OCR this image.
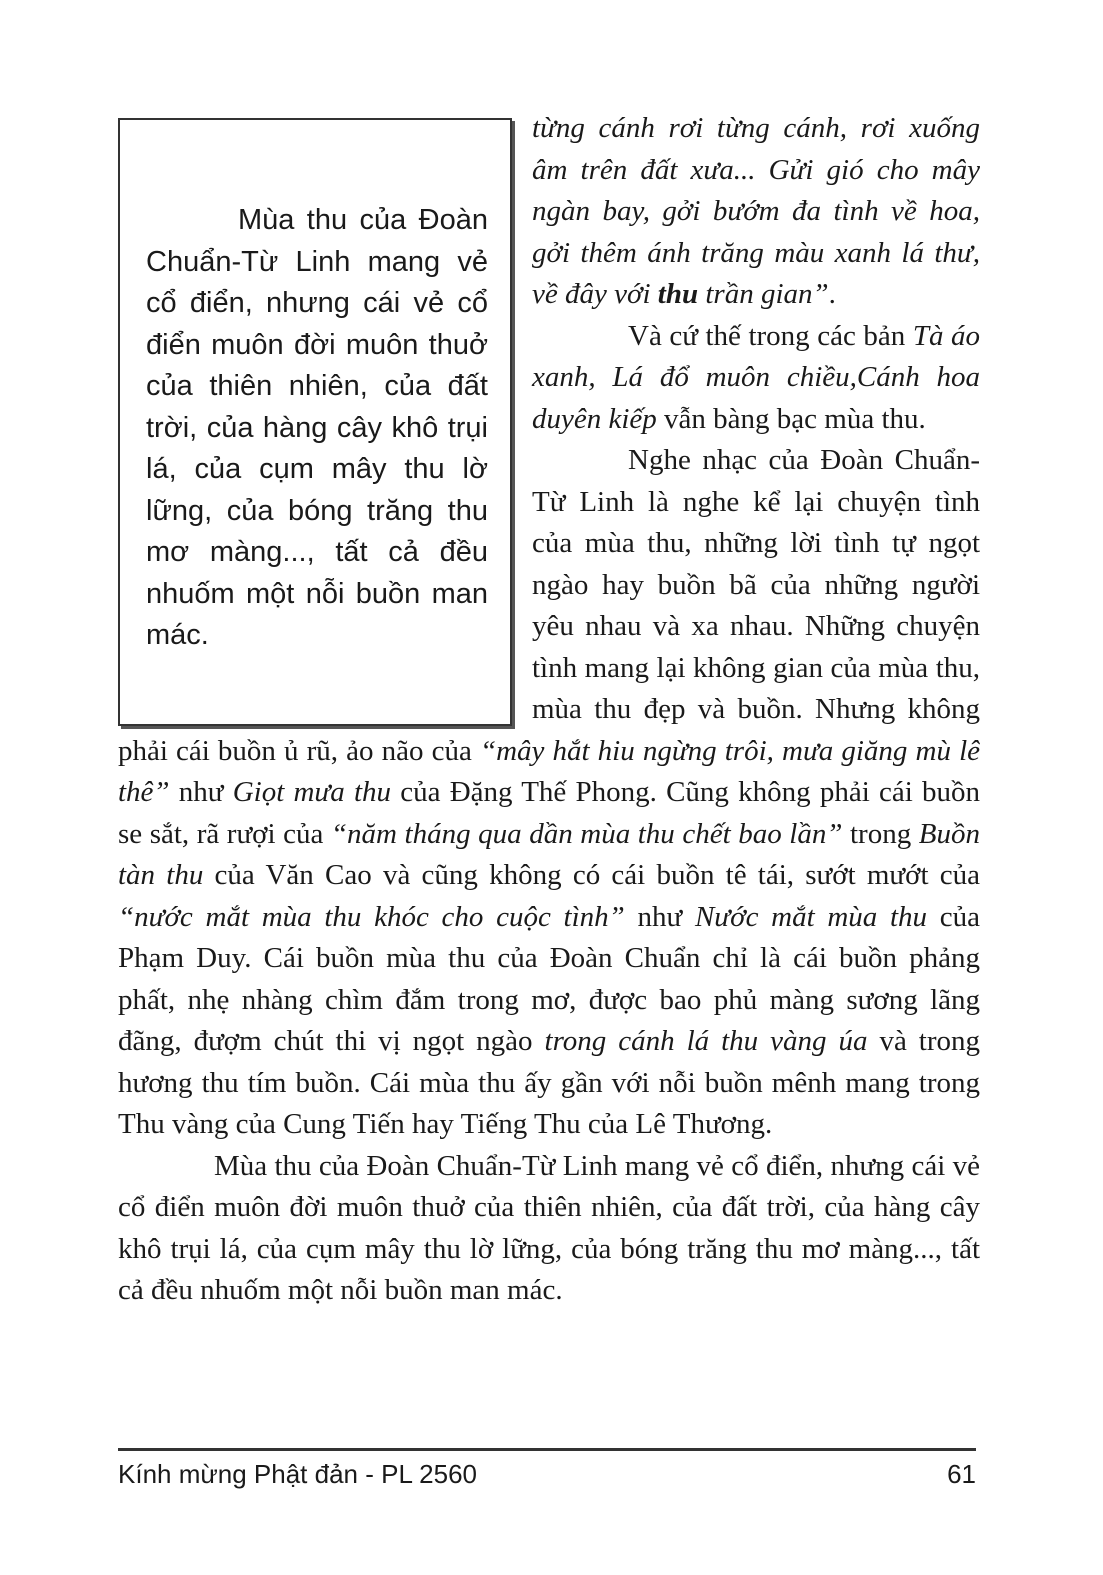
Mùa thu của Đoàn Chuẩn-Từ Linh mang vẻ cổ điển, nhưng cái vẻ cổ điển muôn đời muôn thuở của thiên nhiên, của đất trời, của hàng cây khô trụi lá, của cụm mây thu lờ lững, của bóng trăng thu mơ màng..., tất cả đều nhuốm một nỗi buồn man mác.

từng cánh rơi từng cánh, rơi xuống âm trên đất xưa... Gửi gió cho mây ngàn bay, gởi bướm đa tình về hoa, gởi thêm ánh trăng màu xanh lá thư, về đây với thu trần gian”.

Và cứ thế trong các bản Tà áo xanh, Lá đổ muôn chiều,Cánh hoa duyên kiếp vẫn bàng bạc mùa thu.

Nghe nhạc của Đoàn Chuẩn-Từ Linh là nghe kể lại chuyện tình của mùa thu, những lời tình tự ngọt ngào hay buồn bã của những người yêu nhau và xa nhau. Những chuyện tình mang lại không gian của mùa thu, mùa thu đẹp và buồn. Nhưng không phải cái buồn ủ rũ, ảo não của “mây hắt hiu ngừng trôi, mưa giăng mù lê thê” như Giọt mưa thu của Đặng Thế Phong. Cũng không phải cái buồn se sắt, rã rượi của “năm tháng qua dần mùa thu chết bao lần” trong Buồn tàn thu của Văn Cao và cũng không có cái buồn tê tái, sướt mướt của “nước mắt mùa thu khóc cho cuộc tình” như Nước mắt mùa thu của Phạm Duy. Cái buồn mùa thu của Đoàn Chuẩn chỉ là cái buồn phảng phất, nhẹ nhàng chìm đắm trong mơ, được bao phủ màng sương lãng đãng, đượm chút thi vị ngọt ngào trong cánh lá thu vàng úa và trong hương thu tím buồn. Cái mùa thu ấy gần với nỗi buồn mênh mang trong Thu vàng của Cung Tiến hay Tiếng Thu của Lê Thương.

Mùa thu của Đoàn Chuẩn-Từ Linh mang vẻ cổ điển, nhưng cái vẻ cổ điển muôn đời muôn thuở của thiên nhiên, của đất trời, của hàng cây khô trụi lá, của cụm mây thu lờ lững, của bóng trăng thu mơ màng..., tất cả đều nhuốm một nỗi buồn man mác.

Kính mừng Phật đản - PL 2560	61
